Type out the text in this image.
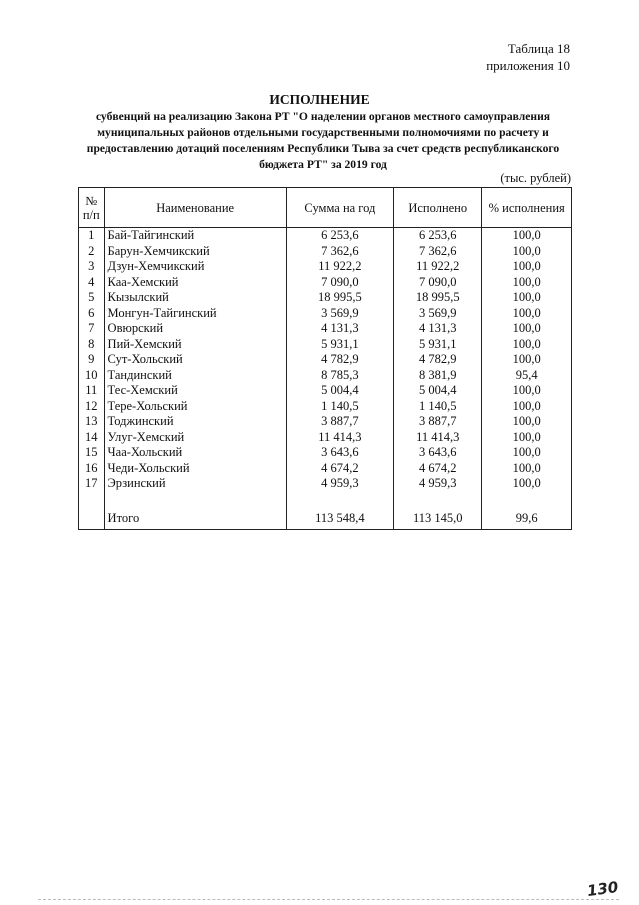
Таблица 18
приложения 10
ИСПОЛНЕНИЕ
субвенций на реализацию Закона РТ "О наделении органов местного самоуправления муниципальных районов отдельными государственными полномочиями по расчету и предоставлению дотаций поселениям Республики Тыва за счет средств республиканского бюджета РТ" за 2019 год
(тыс. рублей)
№ п/п	Наименование	Сумма на год	Исполнено	% исполнения
1	Бай-Тайгинский	6 253,6	6 253,6	100,0
2	Барун-Хемчикский	7 362,6	7 362,6	100,0
3	Дзун-Хемчикский	11 922,2	11 922,2	100,0
4	Каа-Хемский	7 090,0	7 090,0	100,0
5	Кызылский	18 995,5	18 995,5	100,0
6	Монгун-Тайгинский	3 569,9	3 569,9	100,0
7	Овюрский	4 131,3	4 131,3	100,0
8	Пий-Хемский	5 931,1	5 931,1	100,0
9	Сут-Хольский	4 782,9	4 782,9	100,0
10	Тандинский	8 785,3	8 381,9	95,4
11	Тес-Хемский	5 004,4	5 004,4	100,0
12	Тере-Хольский	1 140,5	1 140,5	100,0
13	Тоджинский	3 887,7	3 887,7	100,0
14	Улуг-Хемский	11 414,3	11 414,3	100,0
15	Чаа-Хольский	3 643,6	3 643,6	100,0
16	Чеди-Хольский	4 674,2	4 674,2	100,0
17	Эрзинский	4 959,3	4 959,3	100,0

	Итого	113 548,4	113 145,0	99,6
130
